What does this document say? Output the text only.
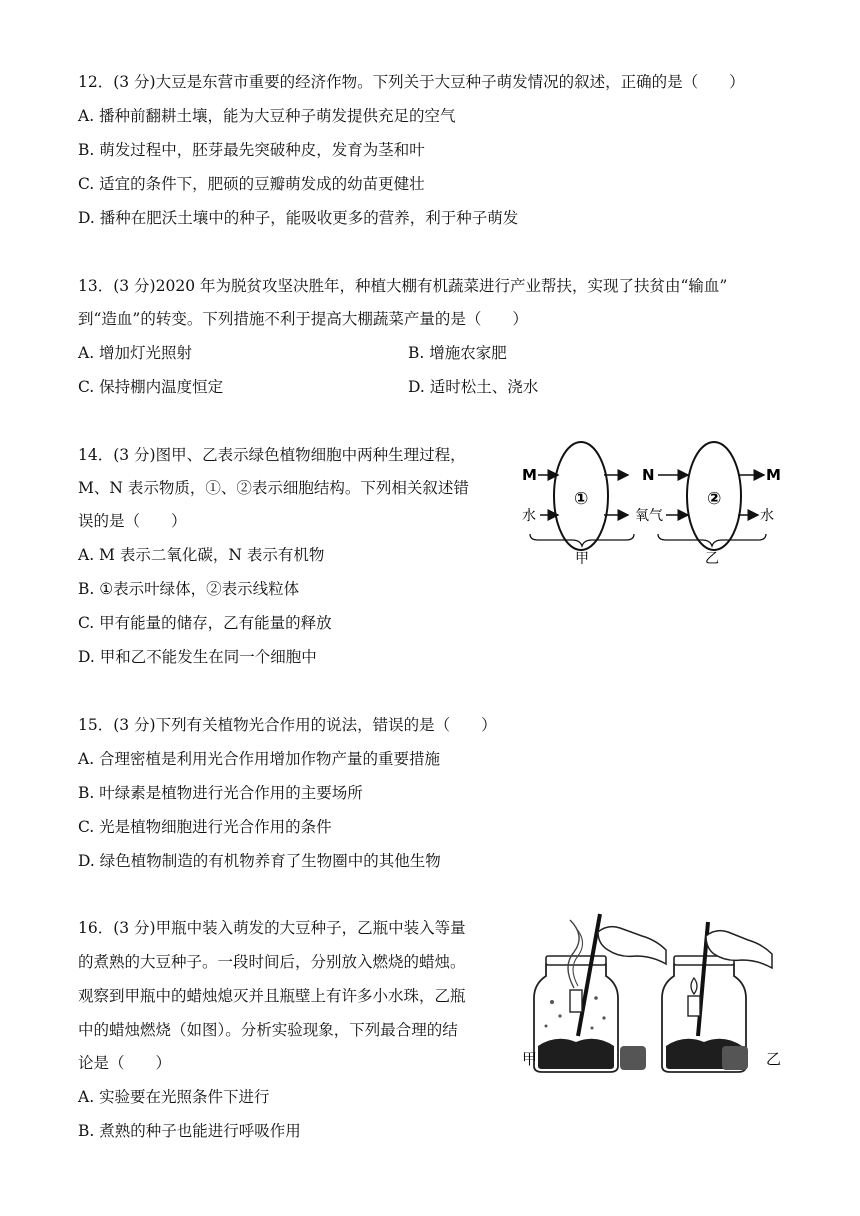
12．(3 分)大豆是东营市重要的经济作物。下列关于大豆种子萌发情况的叙述，正确的是（　　）
A. 播种前翻耕土壤，能为大豆种子萌发提供充足的空气
B. 萌发过程中，胚芽最先突破种皮，发育为茎和叶
C. 适宜的条件下，肥硕的豆瓣萌发成的幼苗更健壮
D. 播种在肥沃土壤中的种子，能吸收更多的营养，利于种子萌发
13．(3 分)2020 年为脱贫攻坚决胜年，种植大棚有机蔬菜进行产业帮扶，实现了扶贫由“输血”
到“造血”的转变。下列措施不利于提高大棚蔬菜产量的是（　　）
A. 增加灯光照射	B. 增施农家肥
C. 保持棚内温度恒定	D. 适时松土、浇水
14．(3 分)图甲、乙表示绿色植物细胞中两种生理过程，
M、N 表示物质，①、②表示细胞结构。下列相关叙述错
误的是（　　）
A. M 表示二氧化碳，N 表示有机物
B. ①表示叶绿体，②表示线粒体
C. 甲有能量的储存，乙有能量的释放
D. 甲和乙不能发生在同一个细胞中
M
水
①
N
氧气
②
M
水
甲	乙
15．(3 分)下列有关植物光合作用的说法，错误的是（　　）
A. 合理密植是利用光合作用增加作物产量的重要措施
B. 叶绿素是植物进行光合作用的主要场所
C. 光是植物细胞进行光合作用的条件
D. 绿色植物制造的有机物养育了生物圈中的其他生物
16．(3 分)甲瓶中装入萌发的大豆种子，乙瓶中装入等量
的煮熟的大豆种子。一段时间后，分别放入燃烧的蜡烛。
观察到甲瓶中的蜡烛熄灭并且瓶壁上有许多小水珠，乙瓶
中的蜡烛燃烧（如图）。分析实验现象，下列最合理的结
论是（　　）
A. 实验要在光照条件下进行
B. 煮熟的种子也能进行呼吸作用
甲	乙
